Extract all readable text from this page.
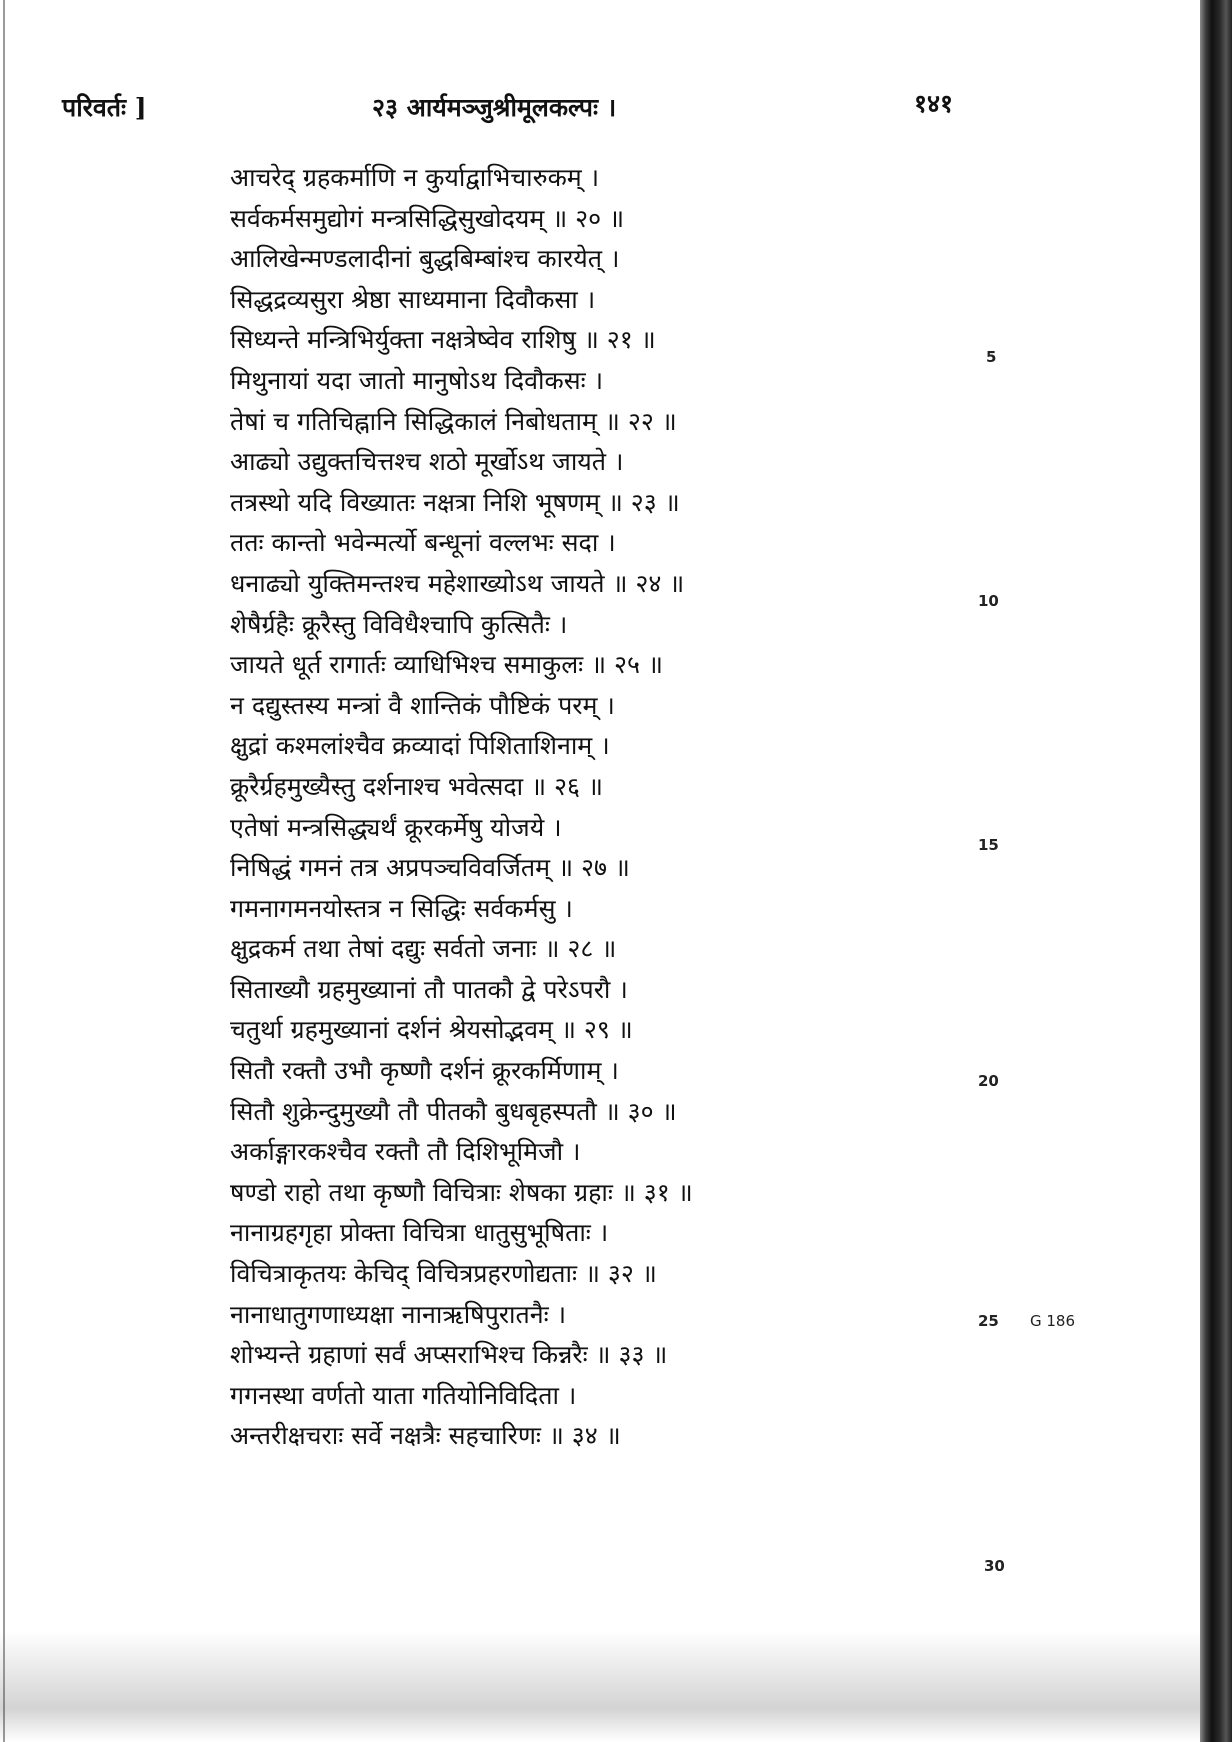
परिवर्तः ]	२३ आर्यमञ्जुश्रीमूलकल्पः ।	१४१
आचरेद् ग्रहकर्माणि न कुर्याद्वाभिचारुकम् ।
सर्वकर्मसमुद्योगं मन्त्रसिद्धिसुखोदयम् ॥ २० ॥
आलिखेन्मण्डलादीनां बुद्धबिम्बांश्च कारयेत् ।
सिद्धद्रव्यसुरा श्रेष्ठा साध्यमाना दिवौकसा ।
सिध्यन्ते मन्त्रिभिर्युक्ता नक्षत्रेष्वेव राशिषु ॥ २१ ॥
मिथुनायां यदा जातो मानुषोऽथ दिवौकसः ।
तेषां च गतिचिह्नानि सिद्धिकालं निबोधताम् ॥ २२ ॥
आढ्यो उद्युक्तचित्तश्च शठो मूर्खोऽथ जायते ।
तत्रस्थो यदि विख्यातः नक्षत्रा निशि भूषणम् ॥ २३ ॥
ततः कान्तो भवेन्मर्त्यो बन्धूनां वल्लभः सदा ।
धनाढ्यो युक्तिमन्तश्च महेशाख्योऽथ जायते ॥ २४ ॥
शेषैर्ग्रहैः क्रूरैस्तु विविधैश्चापि कुत्सितैः ।
जायते धूर्त रागार्तः व्याधिभिश्च समाकुलः ॥ २५ ॥
न दद्युस्तस्य मन्त्रां वै शान्तिकं पौष्टिकं परम् ।
क्षुद्रां कश्मलांश्चैव क्रव्यादां पिशिताशिनाम् ।
क्रूरैर्ग्रहमुख्यैस्तु दर्शनाश्च भवेत्सदा ॥ २६ ॥
एतेषां मन्त्रसिद्ध्यर्थं क्रूरकर्मेषु योजये ।
निषिद्धं गमनं तत्र अप्रपञ्चविवर्जितम् ॥ २७ ॥
गमनागमनयोस्तत्र न सिद्धिः सर्वकर्मसु ।
क्षुद्रकर्म तथा तेषां दद्युः सर्वतो जनाः ॥ २८ ॥
सिताख्यौ ग्रहमुख्यानां तौ पातकौ द्वे परेऽपरौ ।
चतुर्था ग्रहमुख्यानां दर्शनं श्रेयसोद्भवम् ॥ २९ ॥
सितौ रक्तौ उभौ कृष्णौ दर्शनं क्रूरकर्मिणाम् ।
सितौ शुक्रेन्दुमुख्यौ तौ पीतकौ बुधबृहस्पतौ ॥ ३० ॥
अर्काङ्गारकश्चैव रक्तौ तौ दिशिभूमिजौ ।
षण्डो राहो तथा कृष्णौ विचित्राः शेषका ग्रहाः ॥ ३१ ॥
नानाग्रहगृहा प्रोक्ता विचित्रा धातुसुभूषिताः ।
विचित्राकृतयः केचिद् विचित्रप्रहरणोद्यताः ॥ ३२ ॥
नानाधातुगणाध्यक्षा नानाऋषिपुरातनैः ।
शोभ्यन्ते ग्रहाणां सर्वं अप्सराभिश्च किन्नरैः ॥ ३३ ॥
गगनस्था वर्णतो याता गतियोनिविदिता ।
अन्तरीक्षचराः सर्वे नक्षत्रैः सहचारिणः ॥ ३४ ॥
5
10
15
20
25
30
G 186
